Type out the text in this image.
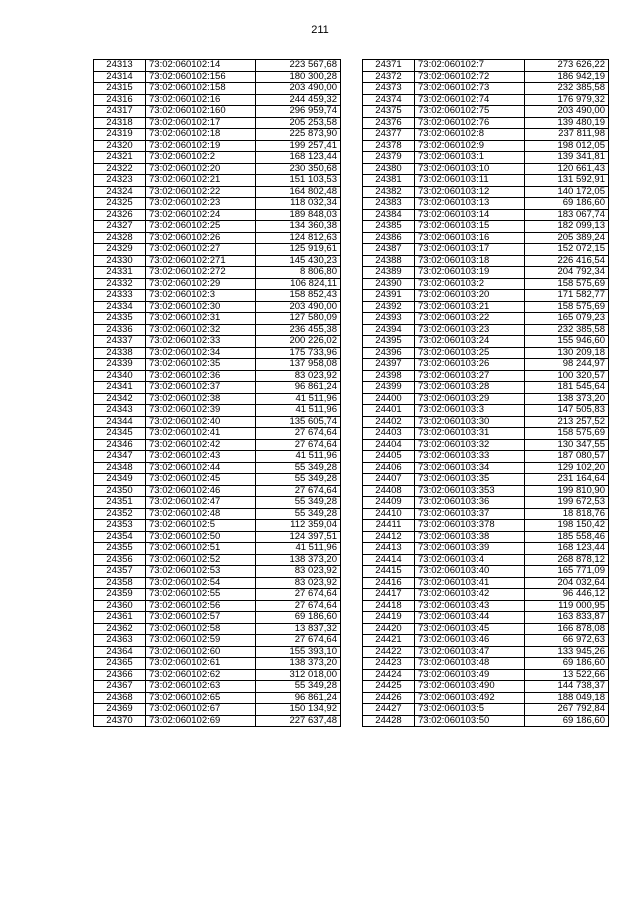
211
24313	73:02:060102:14	223 567,68
24314	73:02:060102:156	180 300,28
24315	73:02:060102:158	203 490,00
24316	73:02:060102:16	244 459,32
24317	73:02:060102:160	296 959,74
24318	73:02:060102:17	205 253,58
24319	73:02:060102:18	225 873,90
24320	73:02:060102:19	199 257,41
24321	73:02:060102:2	168 123,44
24322	73:02:060102:20	230 350,68
24323	73:02:060102:21	151 103,53
24324	73:02:060102:22	164 802,48
24325	73:02:060102:23	118 032,34
24326	73:02:060102:24	189 848,03
24327	73:02:060102:25	134 360,38
24328	73:02:060102:26	124 812,63
24329	73:02:060102:27	125 919,61
24330	73:02:060102:271	145 430,23
24331	73:02:060102:272	8 806,80
24332	73:02:060102:29	106 824,11
24333	73:02:060102:3	158 852,43
24334	73:02:060102:30	203 490,00
24335	73:02:060102:31	127 580,09
24336	73:02:060102:32	236 455,38
24337	73:02:060102:33	200 226,02
24338	73:02:060102:34	175 733,96
24339	73:02:060102:35	137 958,08
24340	73:02:060102:36	83 023,92
24341	73:02:060102:37	96 861,24
24342	73:02:060102:38	41 511,96
24343	73:02:060102:39	41 511,96
24344	73:02:060102:40	135 605,74
24345	73:02:060102:41	27 674,64
24346	73:02:060102:42	27 674,64
24347	73:02:060102:43	41 511,96
24348	73:02:060102:44	55 349,28
24349	73:02:060102:45	55 349,28
24350	73:02:060102:46	27 674,64
24351	73:02:060102:47	55 349,28
24352	73:02:060102:48	55 349,28
24353	73:02:060102:5	112 359,04
24354	73:02:060102:50	124 397,51
24355	73:02:060102:51	41 511,96
24356	73:02:060102:52	138 373,20
24357	73:02:060102:53	83 023,92
24358	73:02:060102:54	83 023,92
24359	73:02:060102:55	27 674,64
24360	73:02:060102:56	27 674,64
24361	73:02:060102:57	69 186,60
24362	73:02:060102:58	13 837,32
24363	73:02:060102:59	27 674,64
24364	73:02:060102:60	155 393,10
24365	73:02:060102:61	138 373,20
24366	73:02:060102:62	312 018,00
24367	73:02:060102:63	55 349,28
24368	73:02:060102:65	96 861,24
24369	73:02:060102:67	150 134,92
24370	73:02:060102:69	227 637,48
24371	73:02:060102:7	273 626,22
24372	73:02:060102:72	186 942,19
24373	73:02:060102:73	232 385,58
24374	73:02:060102:74	176 979,32
24375	73:02:060102:75	203 490,00
24376	73:02:060102:76	139 480,19
24377	73:02:060102:8	237 811,98
24378	73:02:060102:9	198 012,05
24379	73:02:060103:1	139 341,81
24380	73:02:060103:10	120 661,43
24381	73:02:060103:11	131 592,91
24382	73:02:060103:12	140 172,05
24383	73:02:060103:13	69 186,60
24384	73:02:060103:14	183 067,74
24385	73:02:060103:15	182 099,13
24386	73:02:060103:16	205 389,24
24387	73:02:060103:17	152 072,15
24388	73:02:060103:18	226 416,54
24389	73:02:060103:19	204 792,34
24390	73:02:060103:2	158 575,69
24391	73:02:060103:20	171 582,77
24392	73:02:060103:21	158 575,69
24393	73:02:060103:22	165 079,23
24394	73:02:060103:23	232 385,58
24395	73:02:060103:24	155 946,60
24396	73:02:060103:25	130 209,18
24397	73:02:060103:26	98 244,97
24398	73:02:060103:27	100 320,57
24399	73:02:060103:28	181 545,64
24400	73:02:060103:29	138 373,20
24401	73:02:060103:3	147 505,83
24402	73:02:060103:30	213 257,52
24403	73:02:060103:31	158 575,69
24404	73:02:060103:32	130 347,55
24405	73:02:060103:33	187 080,57
24406	73:02:060103:34	129 102,20
24407	73:02:060103:35	231 164,64
24408	73:02:060103:353	199 810,90
24409	73:02:060103:36	199 672,53
24410	73:02:060103:37	18 818,76
24411	73:02:060103:378	198 150,42
24412	73:02:060103:38	185 558,46
24413	73:02:060103:39	168 123,44
24414	73:02:060103:4	268 878,12
24415	73:02:060103:40	165 771,09
24416	73:02:060103:41	204 032,64
24417	73:02:060103:42	96 446,12
24418	73:02:060103:43	119 000,95
24419	73:02:060103:44	163 833,87
24420	73:02:060103:45	166 878,08
24421	73:02:060103:46	66 972,63
24422	73:02:060103:47	133 945,26
24423	73:02:060103:48	69 186,60
24424	73:02:060103:49	13 522,66
24425	73:02:060103:490	144 738,37
24426	73:02:060103:492	188 049,18
24427	73:02:060103:5	267 792,84
24428	73:02:060103:50	69 186,60
